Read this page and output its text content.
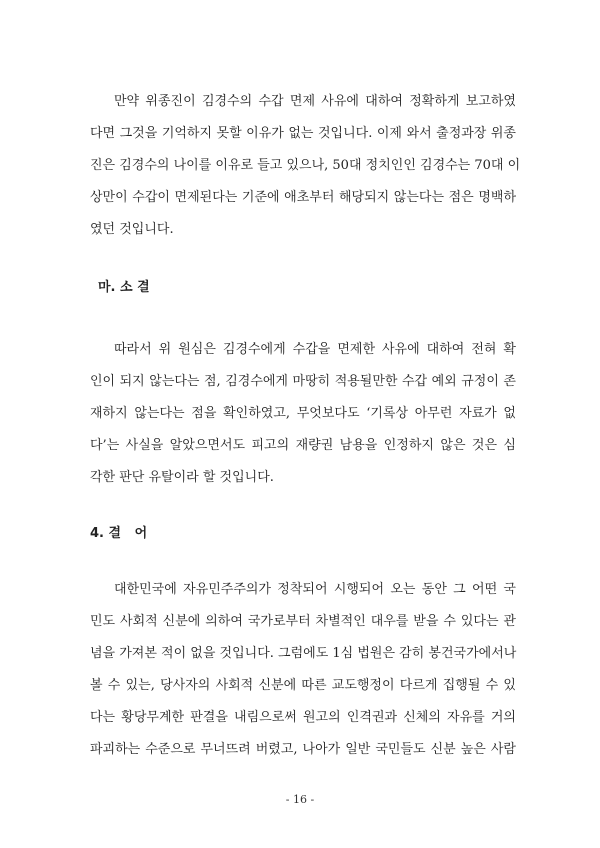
만약 위종진이 김경수의 수갑 면제 사유에 대하여 정확하게 보고하였
다면 그것을 기억하지 못할 이유가 없는 것입니다. 이제 와서 출정과장 위종
진은 김경수의 나이를 이유로 들고 있으나, 50대 정치인인 김경수는 70대 이
상만이 수갑이 면제된다는 기준에 애초부터 해당되지 않는다는 점은 명백하
였던 것입니다.
마. 소 결
따라서 위 원심은 김경수에게 수갑을 면제한 사유에 대하여 전혀 확
인이 되지 않는다는 점, 김경수에게 마땅히 적용될만한 수갑 예외 규정이 존
재하지 않는다는 점을 확인하였고, 무엇보다도 ‘기록상 아무런 자료가 없
다’는 사실을 알았으면서도 피고의 재량권 남용을 인정하지 않은 것은 심
각한 판단 유탈이라 할 것입니다.
4. 결   어
대한민국에 자유민주주의가 정착되어 시행되어 오는 동안 그 어떤 국
민도 사회적 신분에 의하여 국가로부터 차별적인 대우를 받을 수 있다는 관
념을 가져본 적이 없을 것입니다. 그럼에도 1심 법원은 감히 봉건국가에서나
볼 수 있는, 당사자의 사회적 신분에 따른 교도행정이 다르게 집행될 수 있
다는 황당무계한 판결을 내림으로써 원고의 인격권과 신체의 자유를 거의
파괴하는 수준으로 무너뜨려 버렸고, 나아가 일반 국민들도 신분 높은 사람
- 16 -
